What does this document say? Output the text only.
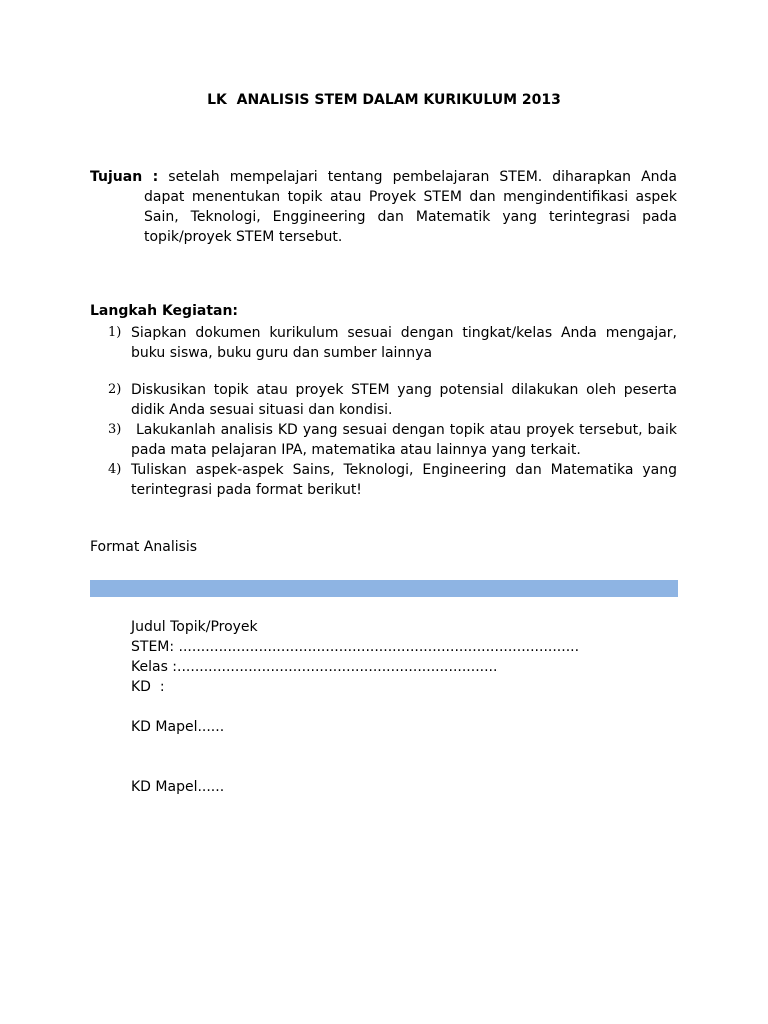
LK  ANALISIS STEM DALAM KURIKULUM 2013

Tujuan : setelah mempelajari tentang pembelajaran STEM. diharapkan Anda dapat menentukan topik atau Proyek STEM dan mengindentifikasi aspek Sain, Teknologi, Enggineering dan Matematik yang terintegrasi pada topik/proyek STEM tersebut.

Langkah Kegiatan:
1) Siapkan dokumen kurikulum sesuai dengan tingkat/kelas Anda mengajar, buku siswa, buku guru dan sumber lainnya
2) Diskusikan topik atau proyek STEM yang potensial dilakukan oleh peserta didik Anda sesuai situasi dan kondisi.
3) Lakukanlah analisis KD yang sesuai dengan topik atau proyek tersebut, baik pada mata pelajaran IPA, matematika atau lainnya yang terkait.
4) Tuliskan aspek-aspek Sains, Teknologi, Engineering dan Matematika yang terintegrasi pada format berikut!
Format Analisis
Judul Topik/Proyek
STEM: ..........................................................................................
Kelas :........................................................................
KD  :
KD Mapel......
KD Mapel......
